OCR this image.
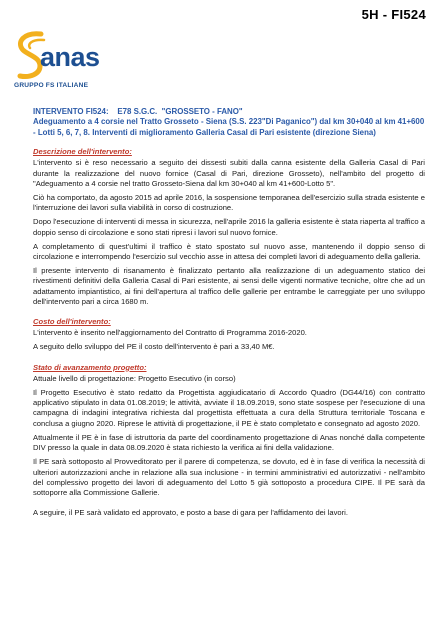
5H - FI524
anas
GRUPPO FS ITALIANE
INTERVENTO FI524:    E78 S.G.C.  "GROSSETO - FANO"
Adeguamento a 4 corsie nel Tratto Grosseto - Siena (S.S. 223"Di Paganico") dal km 30+040 al km 41+600 - Lotti 5, 6, 7, 8. Interventi di miglioramento Galleria Casal di Pari esistente (direzione Siena)
Descrizione dell'intervento:

L'intervento si è reso necessario a seguito dei dissesti subiti dalla canna esistente della Galleria Casal di Pari durante la realizzazione del nuovo fornice (Casal di Pari, direzione Grosseto), nell'ambito del progetto di "Adeguamento a 4 corsie nel tratto Grosseto-Siena dal km 30+040 al km 41+600-Lotto 5".

Ciò ha comportato, da agosto 2015 ad aprile 2016, la sospensione temporanea dell'esercizio sulla strada esistente e l'interruzione dei lavori sulla viabilità in corso di costruzione.

Dopo l'esecuzione di interventi di messa in sicurezza, nell'aprile 2016 la galleria esistente è stata riaperta al traffico a doppio senso di circolazione e sono stati ripresi i lavori sul nuovo fornice.

A completamento di quest'ultimi il traffico è stato spostato sul nuovo asse, mantenendo il doppio senso di circolazione e interrompendo l'esercizio sul vecchio asse in attesa dei completi lavori di adeguamento della galleria.

Il presente intervento di risanamento è finalizzato pertanto alla realizzazione di un adeguamento statico dei rivestimenti definitivi della Galleria Casal di Pari esistente, ai sensi delle vigenti normative tecniche, oltre che ad un adattamento impiantistico, ai fini dell'apertura al traffico delle gallerie per entrambe le carreggiate per uno sviluppo dell'intervento pari a circa 1680 m.

Costo dell'intervento:

L'intervento è inserito nell'aggiornamento del Contratto di Programma 2016-2020.

A seguito dello sviluppo del PE il costo dell'intervento è pari a 33,40 M€.

Stato di avanzamento progetto:

Attuale livello di progettazione: Progetto Esecutivo (in corso)

Il Progetto Esecutivo è stato redatto da Progettista aggiudicatario di Accordo Quadro (DG44/16) con contratto applicativo stipulato in data 01.08.2019; le attività, avviate il 18.09.2019, sono state sospese per l'esecuzione di una campagna di indagini integrativa richiesta dal progettista effettuata a cura della Struttura territoriale Toscana e conclusa a giugno 2020. Riprese le attività di progettazione, il PE è stato completato e consegnato ad agosto 2020.

Attualmente il PE è in fase di istruttoria da parte del coordinamento progettazione di Anas nonché dalla competente DIV presso la quale in data 08.09.2020 è stata richiesto la verifica ai fini della validazione.

Il PE sarà sottoposto al Provveditorato per il parere di competenza, se dovuto, ed è in fase di verifica la necessità di ulteriori autorizzazioni anche in relazione alla sua inclusione - in termini amministrativi ed autorizzativi - nell'ambito del complessivo progetto dei lavori di adeguamento del Lotto 5 già sottoposto a procedura CIPE. Il PE sarà da sottoporre alla Commissione Gallerie.

A seguire, il PE sarà validato ed approvato, e posto a base di gara per l'affidamento dei lavori.
